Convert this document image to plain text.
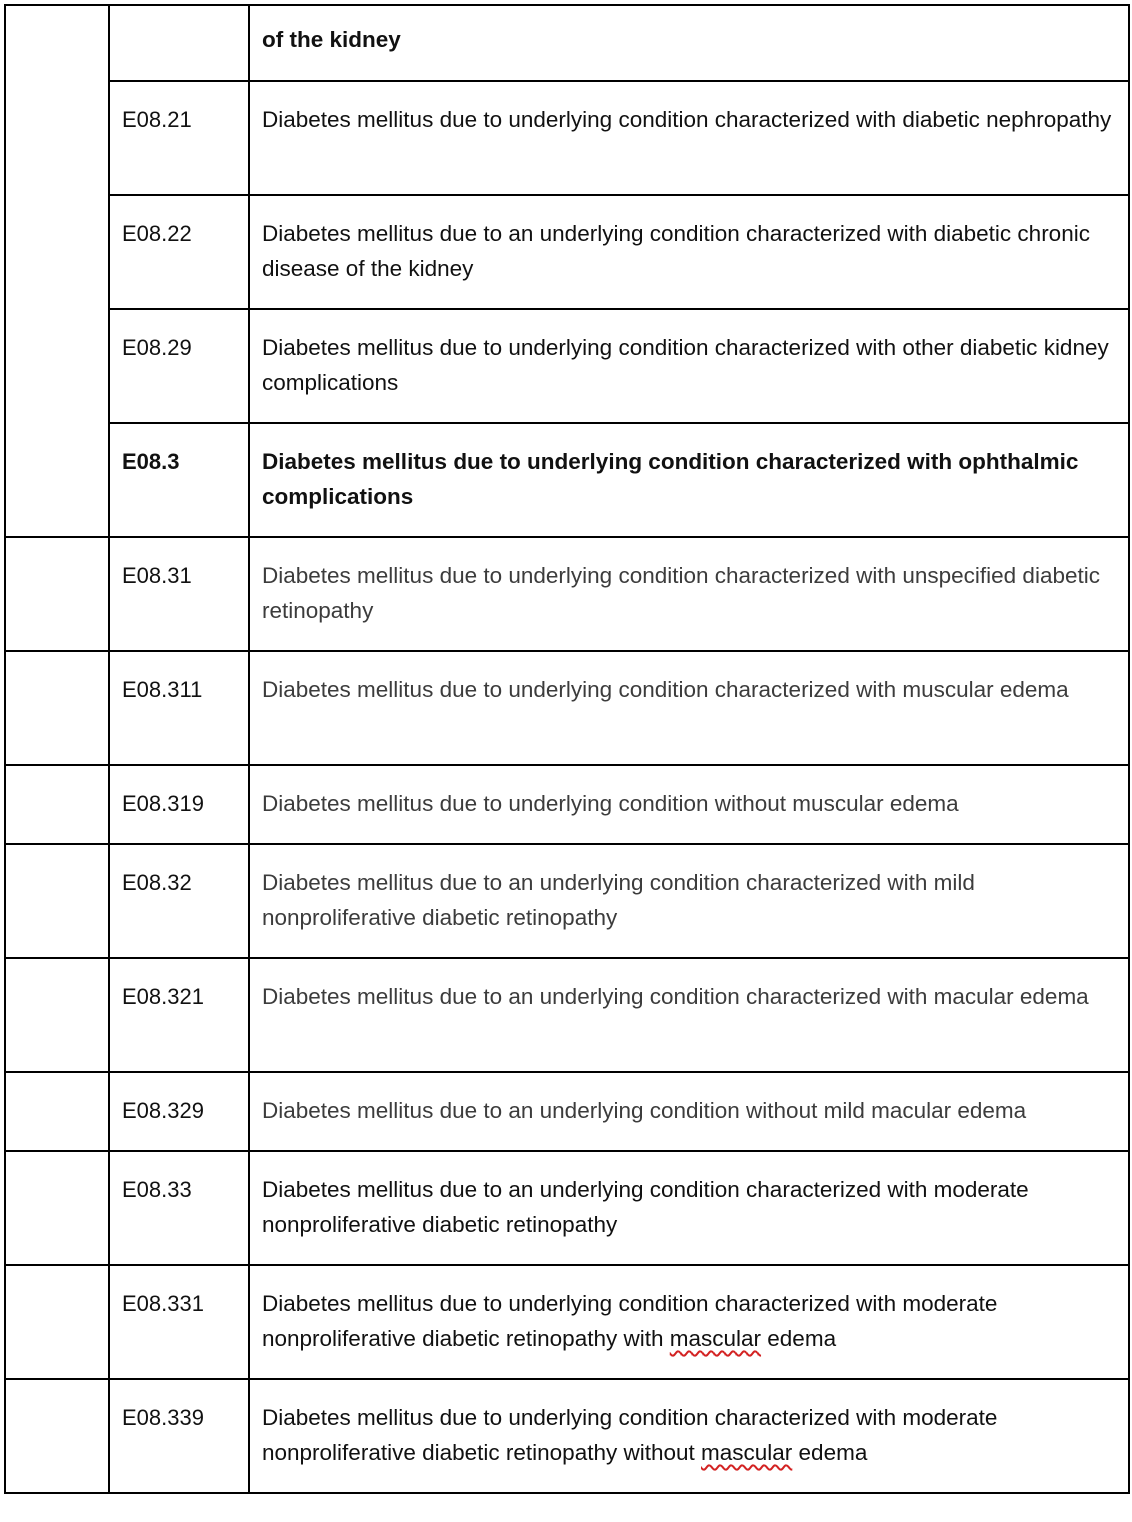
		of the kidney

	E08.21	Diabetes mellitus due to underlying condition characterized with diabetic nephropathy

	E08.22	Diabetes mellitus due to an underlying condition characterized with diabetic chronic disease of the kidney

	E08.29	Diabetes mellitus due to underlying condition characterized with other diabetic kidney complications

	E08.3	Diabetes mellitus due to underlying condition characterized with ophthalmic complications

	E08.31	Diabetes mellitus due to underlying condition characterized with unspecified diabetic retinopathy

	E08.311	Diabetes mellitus due to underlying condition characterized with muscular edema

	E08.319	Diabetes mellitus due to underlying condition without muscular edema

	E08.32	Diabetes mellitus due to an underlying condition characterized with mild nonproliferative diabetic retinopathy

	E08.321	Diabetes mellitus due to an underlying condition characterized with macular edema

	E08.329	Diabetes mellitus due to an underlying condition without mild macular edema

	E08.33	Diabetes mellitus due to an underlying condition characterized with moderate nonproliferative diabetic retinopathy

	E08.331	Diabetes mellitus due to underlying condition characterized with moderate nonproliferative diabetic retinopathy with mascular edema

	E08.339	Diabetes mellitus due to underlying condition characterized with moderate nonproliferative diabetic retinopathy without mascular edema
